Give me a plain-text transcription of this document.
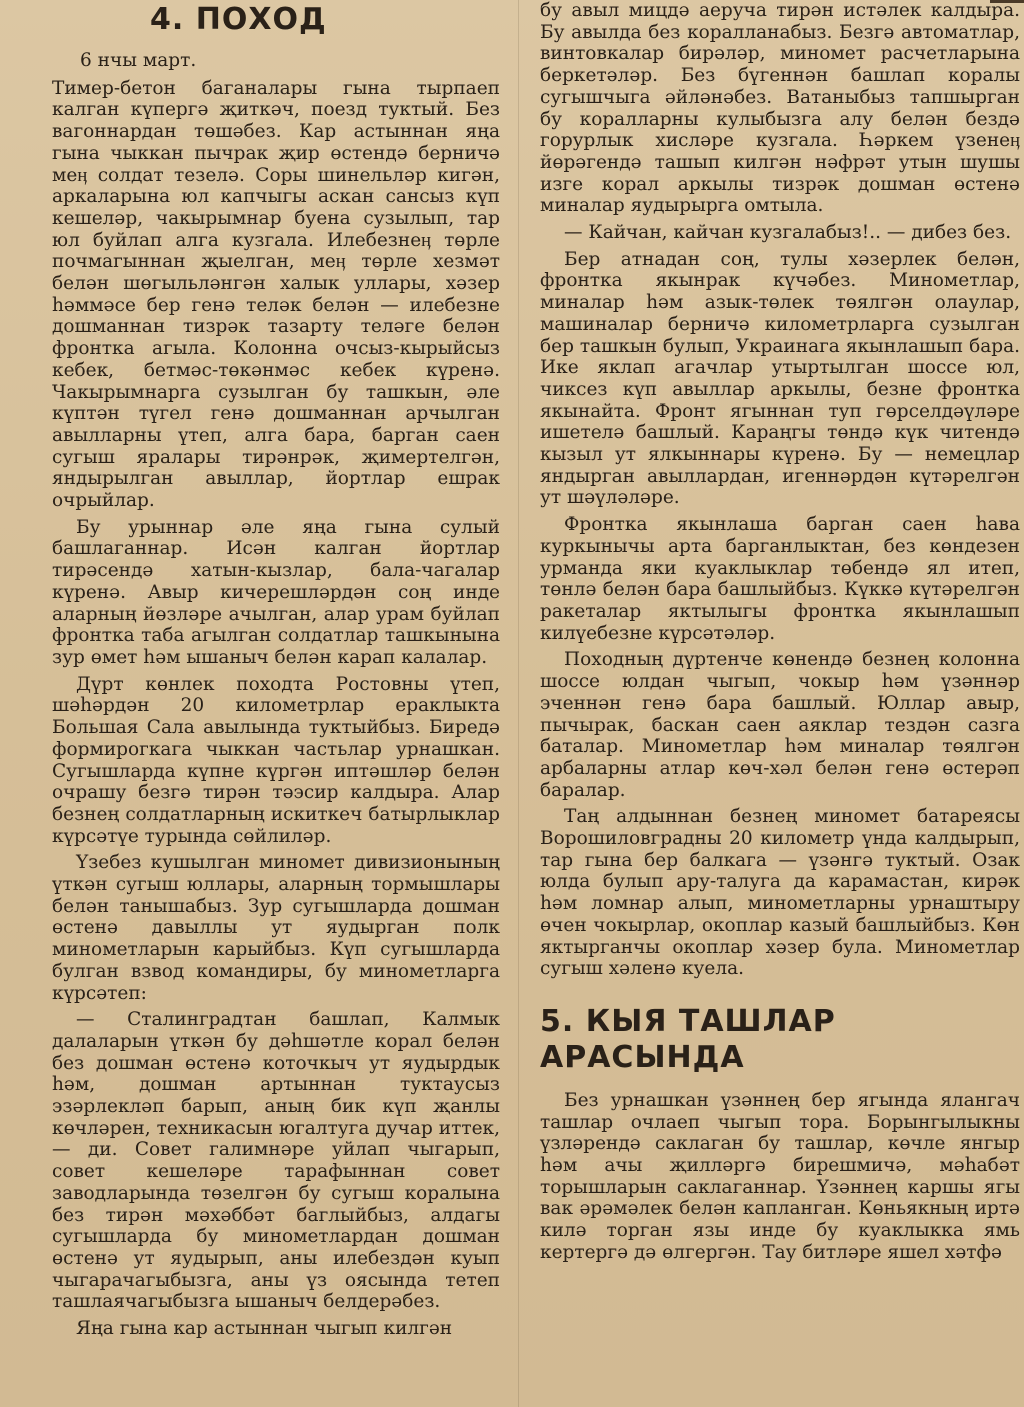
4. ПОХОД
6 нчы март.

Тимер-бетон баганалары гына тырпаеп калган күпергә җиткәч, поезд туктый. Без вагоннардан төшәбез. Кар астыннан яңа гына чыккан пычрак җир өстендә берничә меӊ солдат тезелә. Соры шинельләр кигән, аркаларына юл капчыгы аскан сансыз күп кешеләр, чакырымнар буена сузылып, тар юл буйлап алга кузгала. Илебезнеӊ төрле почмагыннан җыелган, меӊ төрле хезмәт белән шөгыльләнгән халык уллары, хәзер һәммәсе бер генә теләк белән — илебезне дошманнан тизрәк тазарту теләге белән фронтка агыла. Колонна очсыз-кырыйсыз кебек, бетмәс-төкәнмәс кебек күренә. Чакырымнарга сузылган бу ташкын, әле күптән түгел генә дошманнан арчылган авылларны үтеп, алга бара, барган саен сугыш яралары тирәнрәк, җимертелгән, яндырылган авыллар, йортлар ешрак очрыйлар.

Бу урыннар әле яңа гына сулый башлаганнар. Исән калган йортлар тирәсендә хатын-кызлар, бала-чагалар күренә. Авыр кичерешләрдән соң инде аларның йөзләре ачылган, алар урам буйлап фронтка таба агылган солдатлар ташкынына зур өмет һәм ышаныч белән карап калалар.

Дүрт көнлек походта Ростовны үтеп, шәһәрдән 20 километрлар ераклыкта Большая Сала авылында туктыйбыз. Биредә формирогкага чыккан частьлар урнашкан. Сугышларда күпне күргән иптәшләр белән очрашу безгә тирән тәэсир калдыра. Алар безнең солдатларның искиткеч батырлыклар күрсәтүе турында сөйлиләр.

Үзебез кушылган миномет дивизионының үткән сугыш юллары, аларның тормышлары белән танышабыз. Зур сугышларда дошман өстенә давыллы ут яудырган полк минометларын карыйбыз. Күп сугышларда булган взвод командиры, бу минометларга күрсәтеп:

— Сталинградтан башлап, Калмык далаларын үткән бу дәһшәтле корал белән без дошман өстенә коточкыч ут яудырдык һәм, дошман артыннан туктаусыз эзәрлекләп барып, аның бик күп җанлы көчләрен, техникасын югалтуга дучар иттек, — ди. Совет галимнәре уйлап чыгарып, совет кешеләре тарафыннан совет заводларында төзелгән бу сугыш коралына без тирән мәхәббәт баглыйбыз, алдагы сугышларда бу минометлардан дошман өстенә ут яудырып, аны илебездән куып чыгарачагыбызга, аны үз оясында тетеп ташлаячагыбызга ышаныч белдерәбез.

Яңа гына кар астыннан чыгып килгән

бу авыл мицдә аеруча тирән истәлек калдыра. Бу авылда без коралланабыз. Безгә автоматлар, винтовкалар бирәләр, миномет расчетларына беркетәләр. Без бүгеннән башлап коралы сугышчыга әйләнәбез. Ватаныбыз тапшырган бу коралларны кулыбызга алу белән бездә горурлык хисләре кузгала. Һәркем үзенеӊ йөрәгендә ташып килгән нәфрәт утын шушы изге корал аркылы тизрәк дошман өстенә миналар яудырырга омтыла.

— Кайчан, кайчан кузгалабыз!.. — дибез без.

Бер атнадан соң, тулы хәзерлек белән, фронтка якынрак күчәбез. Минометлар, миналар һәм азык-төлек төялгән олаулар, машиналар берничә километрларга сузылган бер ташкын булып, Украинага якынлашып бара. Ике яклап агачлар утыртылган шоссе юл, чиксез күп авыллар аркылы, безне фронтка якынайта. Фронт ягыннан туп гөрселдәүләре ишетелә башлый. Караңгы төндә күк читендә кызыл ут ялкыннары күренә. Бу — немецлар яндырган авыллардан, игеннәрдән күтәрелгән ут шәүләләре.

Фронтка якынлаша барган саен һава куркынычы арта барганлыктан, без көндезен урманда яки куаклыклар төбендә ял итеп, төнлә белән бара башлыйбыз. Күккә күтәрелгән ракеталар яктылыгы фронтка якынлашып килүебезне күрсәтәләр.

Походның дүртенче көнендә безнең колонна шоссе юлдан чыгып, чокыр һәм үзәннәр эченнән генә бара башлый. Юллар авыр, пычырак, баскан саен аяклар тездән сазга баталар. Минометлар һәм миналар төялгән арбаларны атлар көч-хәл белән генә өстерәп баралар.

Таң алдыннан безнең миномет батареясы Ворошиловградны 20 километр үнда калдырып, тар гына бер балкага — үзәнгә туктый. Озак юлда булып ару-талуга да карамастан, кирәк һәм ломнар алып, минометларны урнаштыру өчен чокырлар, окоплар казый башлыйбыз. Көн яктырганчы окоплар хәзер була. Минометлар сугыш хәленә куела.

5. КЫЯ ТАШЛАР АРАСЫНДА

Без урнашкан үзәннең бер ягында ялангач ташлар очлаеп чыгып тора. Борынгылыкны үзләрендә саклаган бу ташлар, көчле янгыр һәм ачы җилләргә бирешмичә, мәһабәт торышларын саклаганнар. Үзәннең каршы ягы вак әрәмәлек белән капланган. Көньякның иртә килә торган язы инде бу куаклыкка ямь кертергә дә өлгергән. Тау битләре яшел хәтфә
